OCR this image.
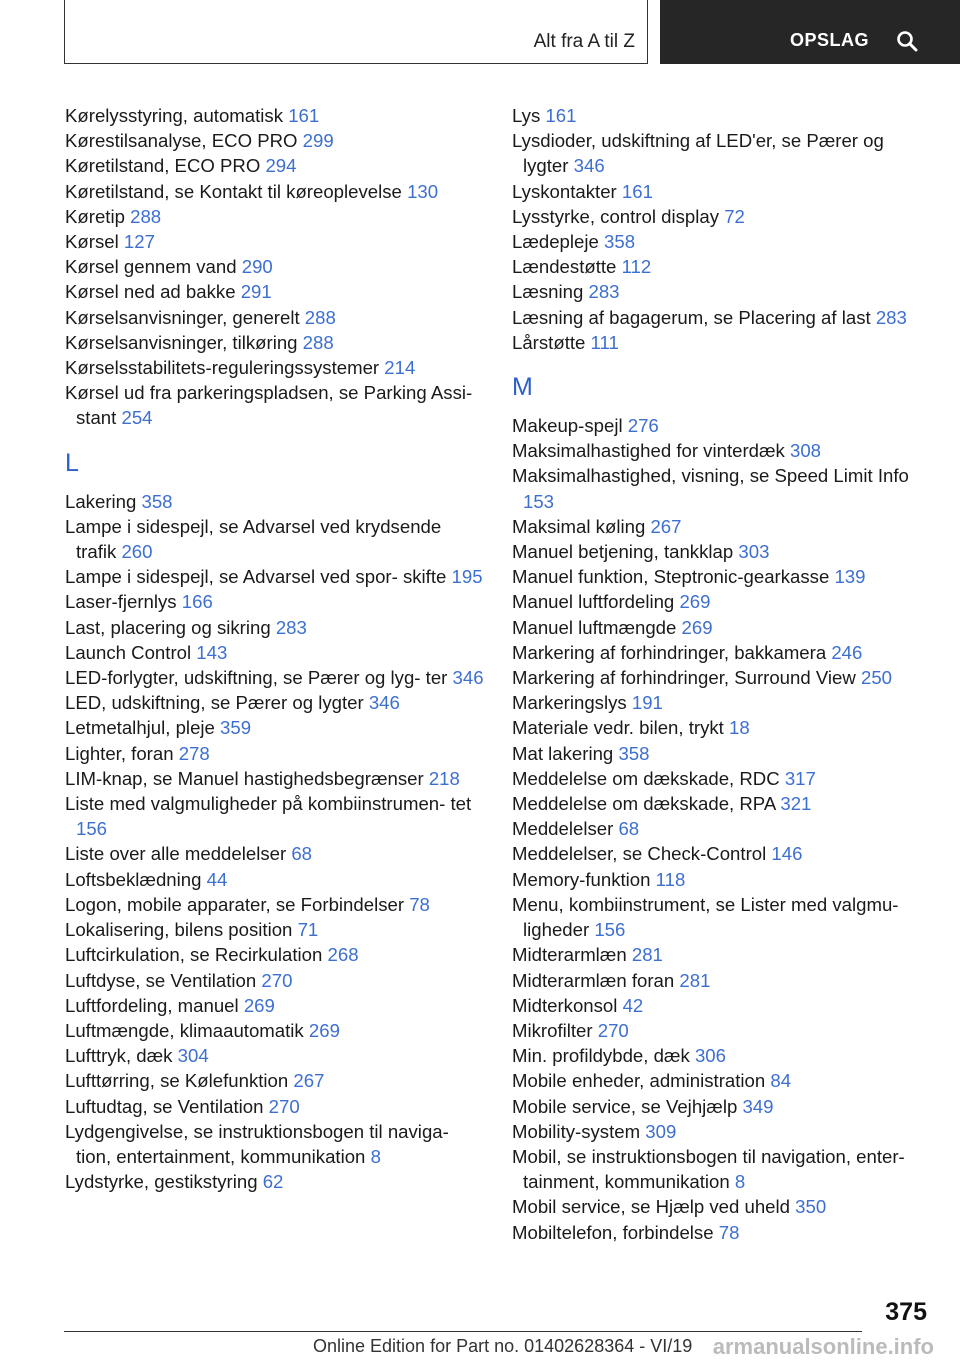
Alt fra A til Z	OPSLAG
Kørelysstyring, automatisk 161
Kørestilsanalyse, ECO PRO 299
Køretilstand, ECO PRO 294
Køretilstand, se Kontakt til køreoplevelse 130
Køretip 288
Kørsel 127
Kørsel gennem vand 290
Kørsel ned ad bakke 291
Kørselsanvisninger, generelt 288
Kørselsanvisninger, tilkøring 288
Kørselsstabilitets-reguleringssystemer 214
Kørsel ud fra parkeringspladsen, se Parking Assi- stant 254
L
Lakering 358
Lampe i sidespejl, se Advarsel ved krydsende trafik 260
Lampe i sidespejl, se Advarsel ved spor- skifte 195
Laser-fjernlys 166
Last, placering og sikring 283
Launch Control 143
LED-forlygter, udskiftning, se Pærer og lyg- ter 346
LED, udskiftning, se Pærer og lygter 346
Letmetalhjul, pleje 359
Lighter, foran 278
LIM-knap, se Manuel hastighedsbegrænser 218
Liste med valgmuligheder på kombiinstrumen- tet 156
Liste over alle meddelelser 68
Loftsbeklædning 44
Logon, mobile apparater, se Forbindelser 78
Lokalisering, bilens position 71
Luftcirkulation, se Recirkulation 268
Luftdyse, se Ventilation 270
Luftfordeling, manuel 269
Luftmængde, klimaautomatik 269
Lufttryk, dæk 304
Lufttørring, se Kølefunktion 267
Luftudtag, se Ventilation 270
Lydgengivelse, se instruktionsbogen til naviga- tion, entertainment, kommunikation 8
Lydstyrke, gestikstyring 62
Lys 161
Lysdioder, udskiftning af LED'er, se Pærer og lygter 346
Lyskontakter 161
Lysstyrke, control display 72
Lædepleje 358
Lændestøtte 112
Læsning 283
Læsning af bagagerum, se Placering af last 283
Lårstøtte 111
M
Makeup-spejl 276
Maksimalhastighed for vinterdæk 308
Maksimalhastighed, visning, se Speed Limit Info 153
Maksimal køling 267
Manuel betjening, tankklap 303
Manuel funktion, Steptronic-gearkasse 139
Manuel luftfordeling 269
Manuel luftmængde 269
Markering af forhindringer, bakkamera 246
Markering af forhindringer, Surround View 250
Markeringslys 191
Materiale vedr. bilen, trykt 18
Mat lakering 358
Meddelelse om dækskade, RDC 317
Meddelelse om dækskade, RPA 321
Meddelelser 68
Meddelelser, se Check-Control 146
Memory-funktion 118
Menu, kombiinstrument, se Lister med valgmu- ligheder 156
Midterarmlæn 281
Midterarmlæn foran 281
Midterkonsol 42
Mikrofilter 270
Min. profildybde, dæk 306
Mobile enheder, administration 84
Mobile service, se Vejhjælp 349
Mobility-system 309
Mobil, se instruktionsbogen til navigation, enter- tainment, kommunikation 8
Mobil service, se Hjælp ved uheld 350
Mobiltelefon, forbindelse 78
375
Online Edition for Part no. 01402628364 - VI/19 armanualsonline.info
